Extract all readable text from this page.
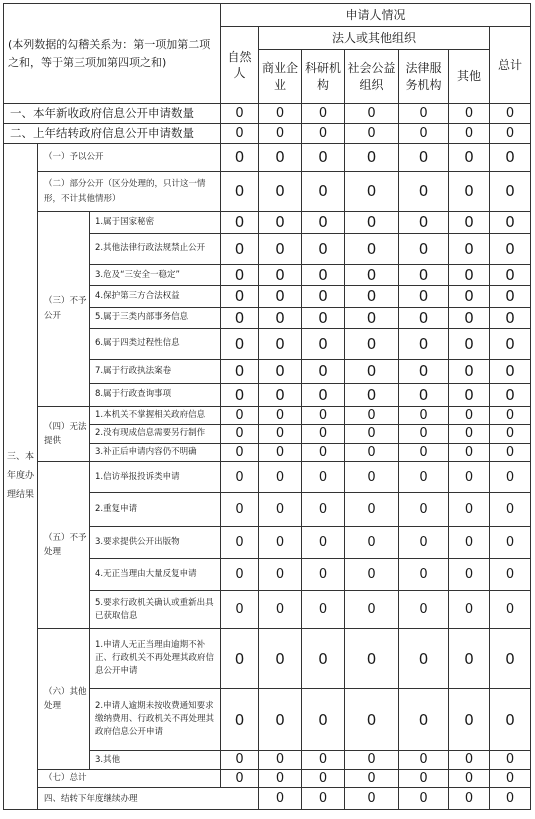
(本列数据的勾稽关系为：第一项加第二项之和，等于第三项加第四项之和)			申请人情况							
			自然人	法人或其他组织					总计	
				商业企业	科研机构	社会公益组织	法律服务机构	其他		
一、本年新收政府信息公开申请数量			0	0	0	0	0	0	0	
二、上年结转政府信息公开申请数量			0	0	0	0	0	0	0	
三、本年度办理结果	（一）予以公开		0	0	0	0	0	0	0	
	（二）部分公开（区分处理的，只计这一情形，不计其他情形）		0	0	0	0	0	0	0	
	（三）不予公开	1.属于国家秘密	0	0	0	0	0	0	0	
		2.其他法律行政法规禁止公开	0	0	0	0	0	0	0	
		3.危及“三安全一稳定”	0	0	0	0	0	0	0	
		4.保护第三方合法权益	0	0	0	0	0	0	0	
		5.属于三类内部事务信息	0	0	0	0	0	0	0	
		6.属于四类过程性信息	0	0	0	0	0	0	0	
		7.属于行政执法案卷	0	0	0	0	0	0	0	
		8.属于行政查询事项	0	0	0	0	0	0	0	
	（四）无法提供	1.本机关不掌握相关政府信息	0	0	0	0	0	0	0	
		2.没有现成信息需要另行制作	0	0	0	0	0	0	0	
		3.补正后申请内容仍不明确	0	0	0	0	0	0	0	
	（五）不予处理	1.信访举报投诉类申请	0	0	0	0	0	0	0	
		2.重复申请	0	0	0	0	0	0	0	
		3.要求提供公开出版物	0	0	0	0	0	0	0	
		4.无正当理由大量反复申请	0	0	0	0	0	0	0	
		5.要求行政机关确认或重新出具已获取信息	0	0	0	0	0	0	0	
	（六）其他处理	1.申请人无正当理由逾期不补正、行政机关不再处理其政府信息公开申请	0	0	0	0	0	0	0	
		2.申请人逾期未按收费通知要求缴纳费用、行政机关不再处理其政府信息公开申请	0	0	0	0	0	0	0	
		3.其他	0	0	0	0	0	0	0	
	（七）总计		0	0	0	0	0	0	0	
	四、结转下年度继续办理			0	0	0	0	0	0	
